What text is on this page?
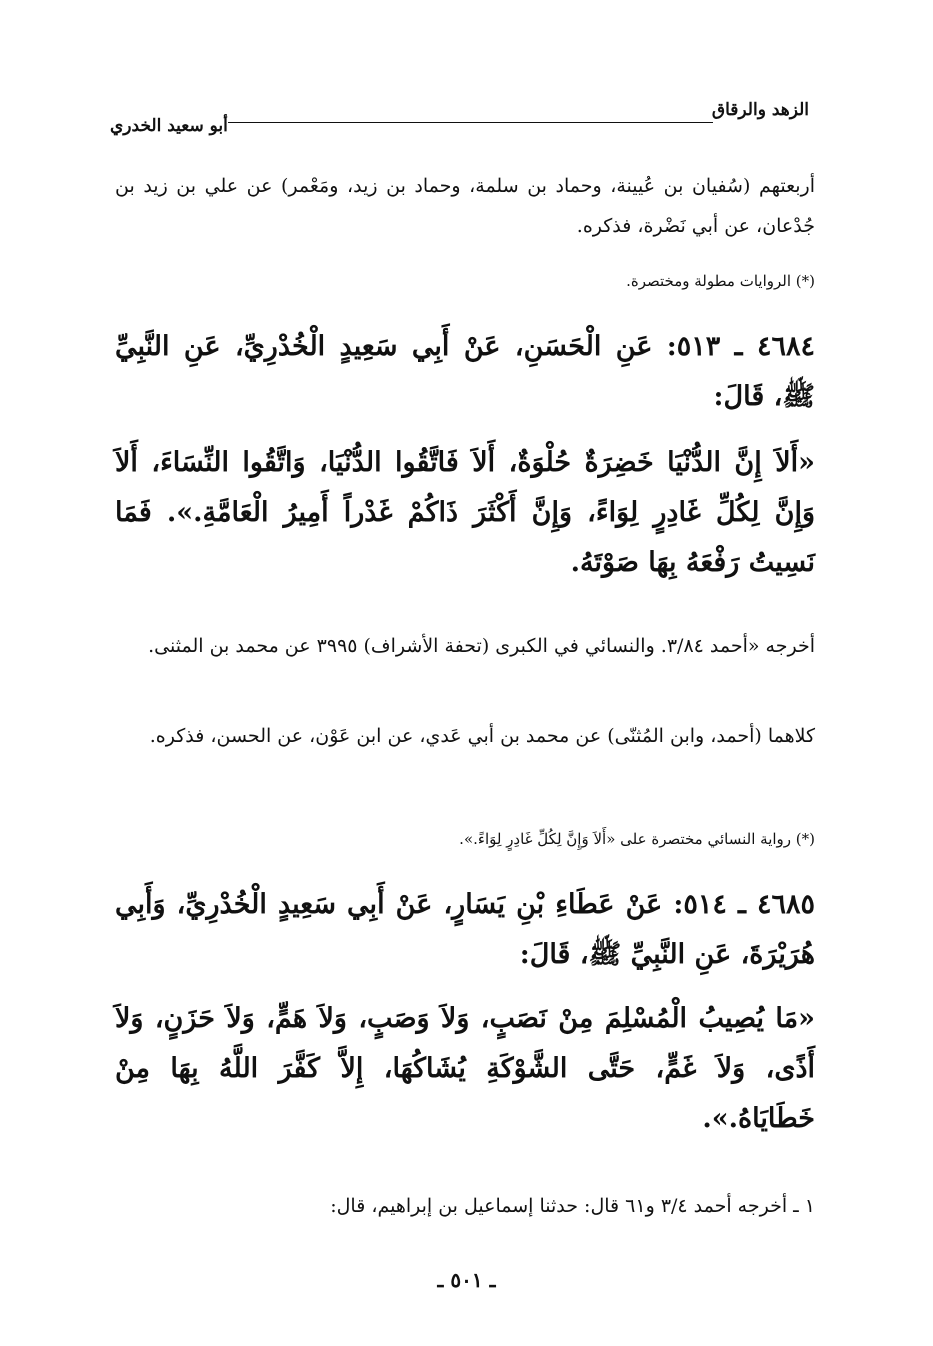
الزهد والرقاق
أبو سعيد الخدري
أربعتهم (سُفيان بن عُيينة، وحماد بن سلمة، وحماد بن زيد، ومَعْمر) عن علي بن زيد بن جُدْعان، عن أبي نَضْرة، فذكره.
(*) الروايات مطولة ومختصرة.
٤٦٨٤ ـ ٥١٣: عَنِ الْحَسَنِ، عَنْ أَبِي سَعِيدٍ الْخُدْرِيِّ، عَنِ النَّبِيِّ ﷺ، قَالَ:
«أَلاَ إِنَّ الدُّنْيَا خَضِرَةٌ حُلْوَةٌ، أَلاَ فَاتَّقُوا الدُّنْيَا، وَاتَّقُوا النِّسَاءَ، أَلاَ وَإِنَّ لِكُلِّ غَادِرٍ لِوَاءً، وَإِنَّ أَكْثَرَ ذَاكُمْ غَدْراً أَمِيرُ الْعَامَّةِ.». فَمَا نَسِيتُ رَفْعَهُ بِهَا صَوْتَهُ.
أخرجه «أحمد ٣/٨٤. والنسائي في الكبرى (تحفة الأشراف) ٣٩٩٥ عن محمد بن المثنى.
كلاهما (أحمد، وابن المُثنّى) عن محمد بن أبي عَدي، عن ابن عَوْن، عن الحسن، فذكره.
(*) رواية النسائي مختصرة على «أَلاَ وَإِنَّ لِكُلِّ غَادِرٍ لِوَاءً.».
٤٦٨٥ ـ ٥١٤: عَنْ عَطَاءِ بْنِ يَسَارٍ، عَنْ أَبِي سَعِيدٍ الْخُدْرِيِّ، وَأَبِي هُرَيْرَةَ، عَنِ النَّبِيِّ ﷺ، قَالَ:
«مَا يُصِيبُ الْمُسْلِمَ مِنْ نَصَبٍ، وَلاَ وَصَبٍ، وَلاَ هَمٍّ، وَلاَ حَزَنٍ، وَلاَ أَذًى، وَلاَ غَمٍّ، حَتَّى الشَّوْكَةِ يُشَاكُهَا، إِلاَّ كَفَّرَ اللَّهُ بِهَا مِنْ خَطَايَاهُ.».
١ ـ أخرجه أحمد ٣/٤ و٦١ قال: حدثنا إسماعيل بن إبراهيم، قال:
ـ ٥٠١ ـ
